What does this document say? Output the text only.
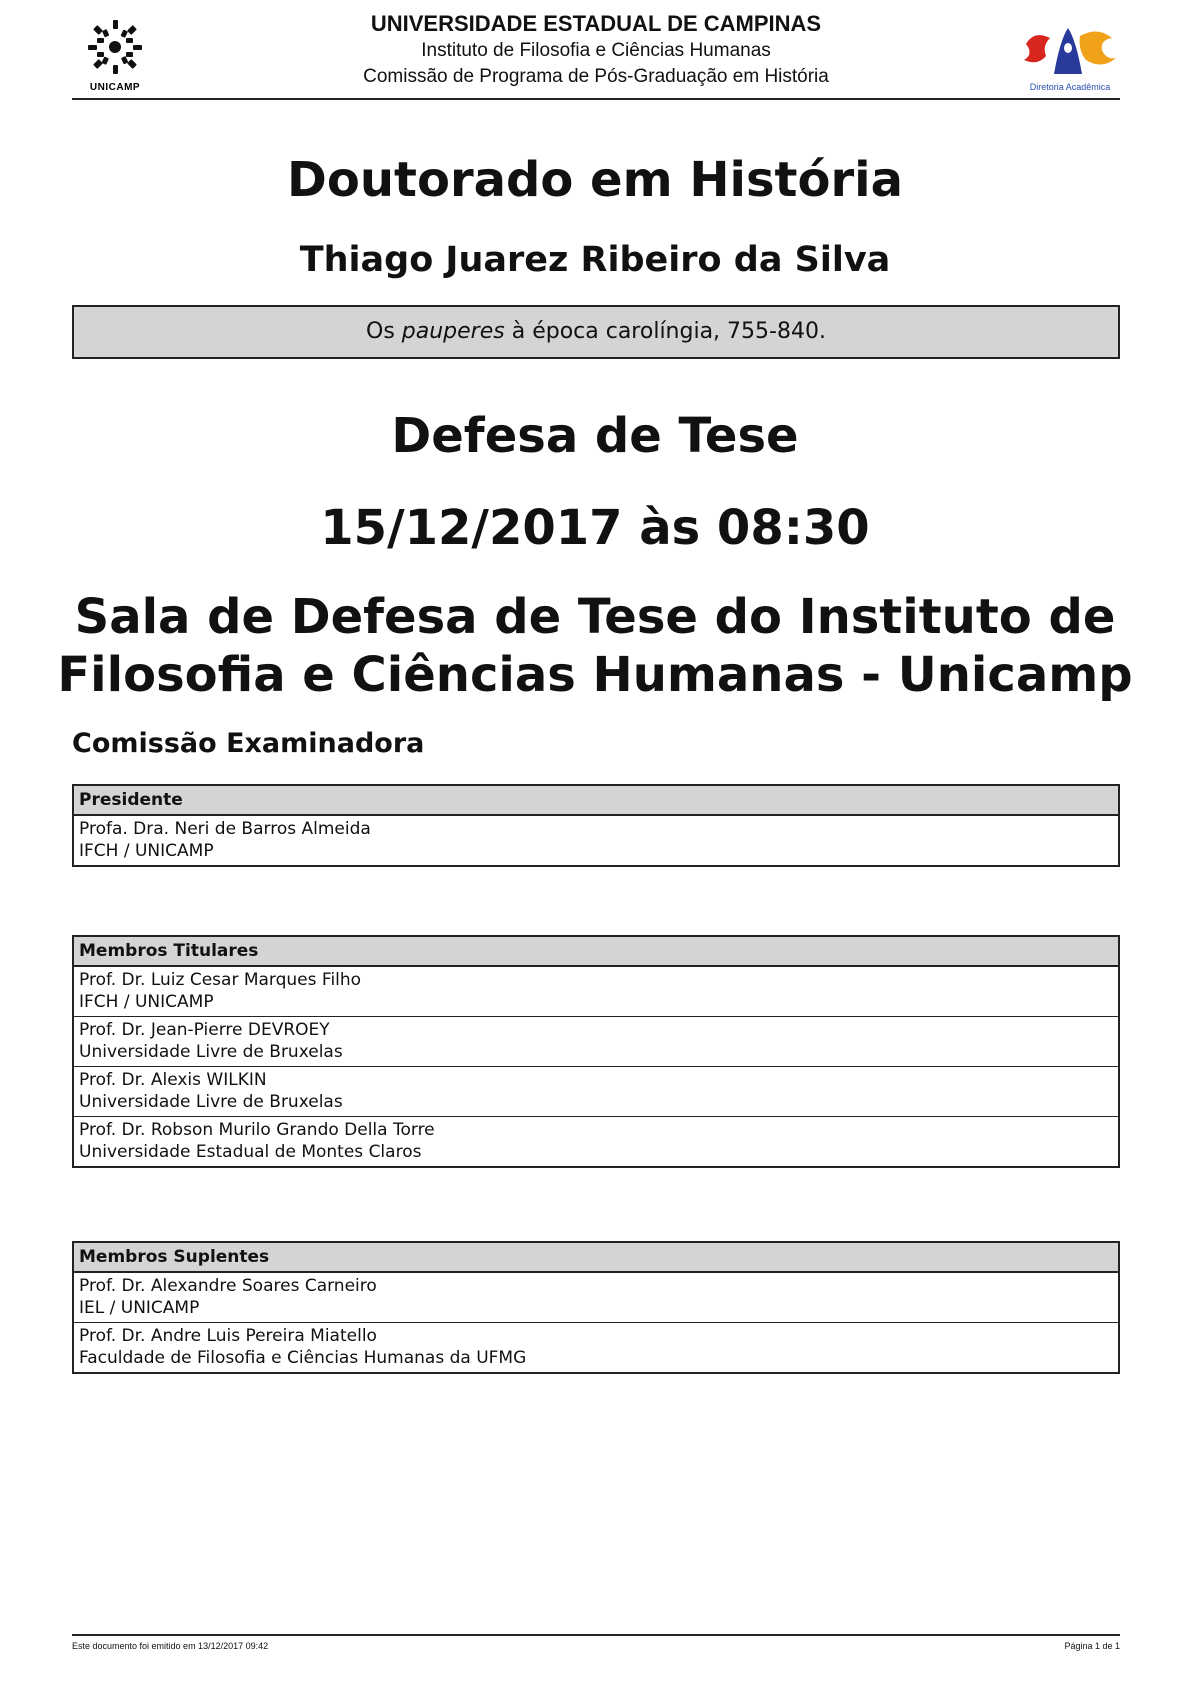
UNICAMP
UNIVERSIDADE ESTADUAL DE CAMPINAS
Instituto de Filosofia e Ciências Humanas
Comissão de Programa de Pós-Graduação em História	Diretoria Acadêmica
Doutorado em História
Thiago Juarez Ribeiro da Silva
Os pauperes à época carolíngia, 755-840.
Defesa de Tese
15/12/2017 às 08:30
Sala de Defesa de Tese do Instituto de
Filosofia e Ciências Humanas - Unicamp
Comissão Examinadora
Presidente
Profa. Dra. Neri de Barros Almeida
IFCH / UNICAMP
Membros Titulares
Prof. Dr. Luiz Cesar Marques Filho
IFCH / UNICAMP
Prof. Dr. Jean-Pierre DEVROEY
Universidade Livre de Bruxelas
Prof. Dr. Alexis WILKIN
Universidade Livre de Bruxelas
Prof. Dr. Robson Murilo Grando Della Torre
Universidade Estadual de Montes Claros
Membros Suplentes
Prof. Dr. Alexandre Soares Carneiro
IEL / UNICAMP
Prof. Dr. Andre Luis Pereira Miatello
Faculdade de Filosofia e Ciências Humanas da UFMG
Este documento foi emitido em 13/12/2017 09:42	Página 1 de 1
